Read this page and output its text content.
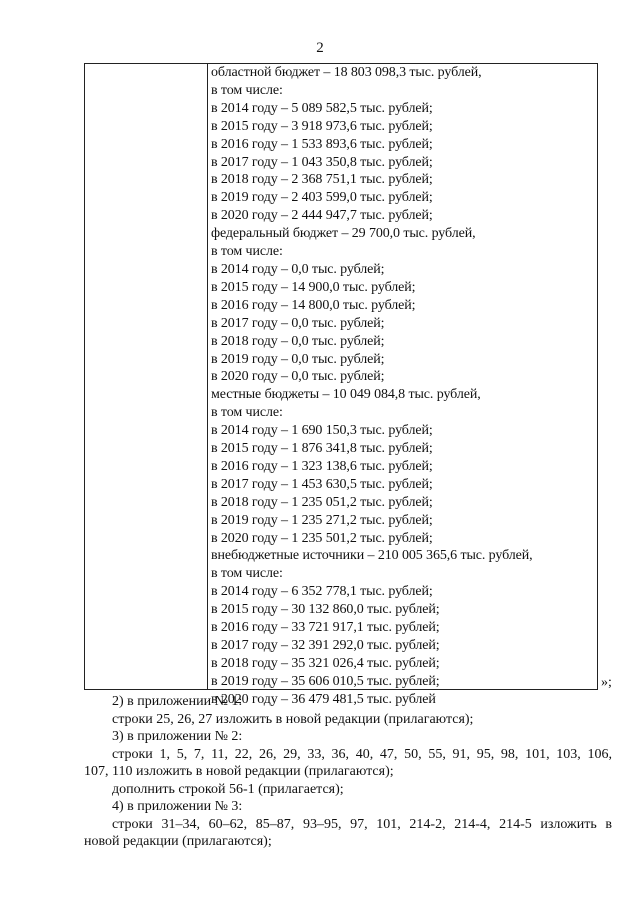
2
областной бюджет – 18 803 098,3 тыс. рублей,
в том числе:
в 2014 году – 5 089 582,5 тыс. рублей;
в 2015 году – 3 918 973,6 тыс. рублей;
в 2016 году – 1 533 893,6 тыс. рублей;
в 2017 году – 1 043 350,8 тыс. рублей;
в 2018 году – 2 368 751,1 тыс. рублей;
в 2019 году – 2 403 599,0 тыс. рублей;
в 2020 году – 2 444 947,7 тыс. рублей;
федеральный бюджет – 29 700,0 тыс. рублей,
в том числе:
в 2014 году – 0,0 тыс. рублей;
в 2015 году – 14 900,0 тыс. рублей;
в 2016 году – 14 800,0 тыс. рублей;
в 2017 году – 0,0 тыс. рублей;
в 2018 году – 0,0 тыс. рублей;
в 2019 году – 0,0 тыс. рублей;
в 2020 году – 0,0 тыс. рублей;
местные бюджеты – 10 049 084,8 тыс. рублей,
в том числе:
в 2014 году – 1 690 150,3 тыс. рублей;
в 2015 году – 1 876 341,8 тыс. рублей;
в 2016 году – 1 323 138,6 тыс. рублей;
в 2017 году – 1 453 630,5 тыс. рублей;
в 2018 году – 1 235 051,2 тыс. рублей;
в 2019 году – 1 235 271,2 тыс. рублей;
в 2020 году – 1 235 501,2 тыс. рублей;
внебюджетные источники – 210 005 365,6 тыс. рублей,
в том числе:
в 2014 году – 6 352 778,1 тыс. рублей;
в 2015 году – 30 132 860,0 тыс. рублей;
в 2016 году – 33 721 917,1 тыс. рублей;
в 2017 году – 32 391 292,0 тыс. рублей;
в 2018 году – 35 321 026,4 тыс. рублей;
в 2019 году – 35 606 010,5 тыс. рублей;
в 2020 году – 36 479 481,5 тыс. рублей
»;
2) в приложении № 1:
строки 25, 26, 27 изложить в новой редакции (прилагаются);
3) в приложении № 2:
строки 1, 5, 7, 11, 22, 26, 29, 33, 36, 40, 47, 50, 55, 91, 95, 98, 101, 103, 106,
107, 110 изложить в новой редакции (прилагаются);
дополнить строкой 56-1 (прилагается);
4) в приложении № 3:
строки 31–34, 60–62, 85–87, 93–95, 97, 101, 214-2, 214-4, 214-5 изложить в
новой редакции (прилагаются);
